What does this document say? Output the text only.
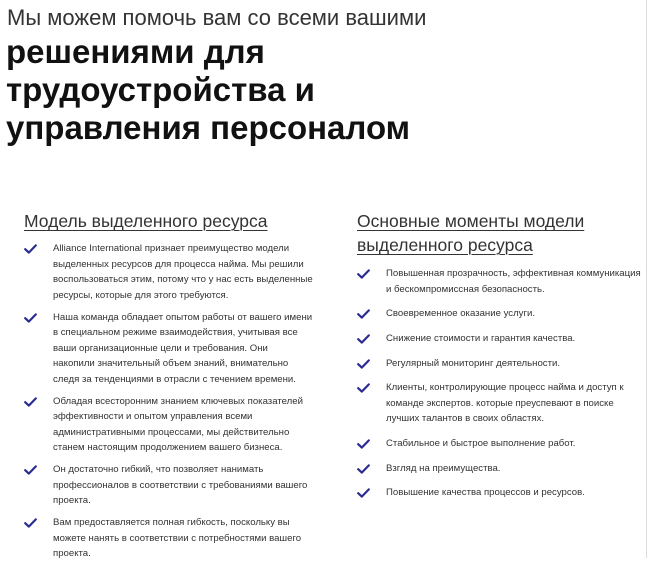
Мы можем помочь вам со всеми вашими
решениями для
трудоустройства и
управления персоналом
Модель выделенного ресурса
Alliance International признает преимущество модели
выделенных ресурсов для процесса найма. Мы решили
воспользоваться этим, потому что у нас есть выделенные
ресурсы, которые для этого требуются.
Наша команда обладает опытом работы от вашего имени
в специальном режиме взаимодействия, учитывая все
ваши организационные цели и требования. Они
накопили значительный объем знаний, внимательно
следя за тенденциями в отрасли с течением времени.
Обладая всесторонним знанием ключевых показателей
эффективности и опытом управления всеми
административными процессами, мы действительно
станем настоящим продолжением вашего бизнеса.
Он достаточно гибкий, что позволяет нанимать
профессионалов в соответствии с требованиями вашего
проекта.
Вам предоставляется полная гибкость, поскольку вы
можете нанять в соответствии с потребностями вашего
проекта.
Основные моменты модели
выделенного ресурса
Повышенная прозрачность, эффективная коммуникация
и бескомпромиссная безопасность.
Своевременное оказание услуги.
Снижение стоимости и гарантия качества.
Регулярный мониторинг деятельности.
Клиенты, контролирующие процесс найма и доступ к
команде экспертов. которые преуспевают в поиске
лучших талантов в своих областях.
Стабильное и быстрое выполнение работ.
Взгляд на преимущества.
Повышение качества процессов и ресурсов.
